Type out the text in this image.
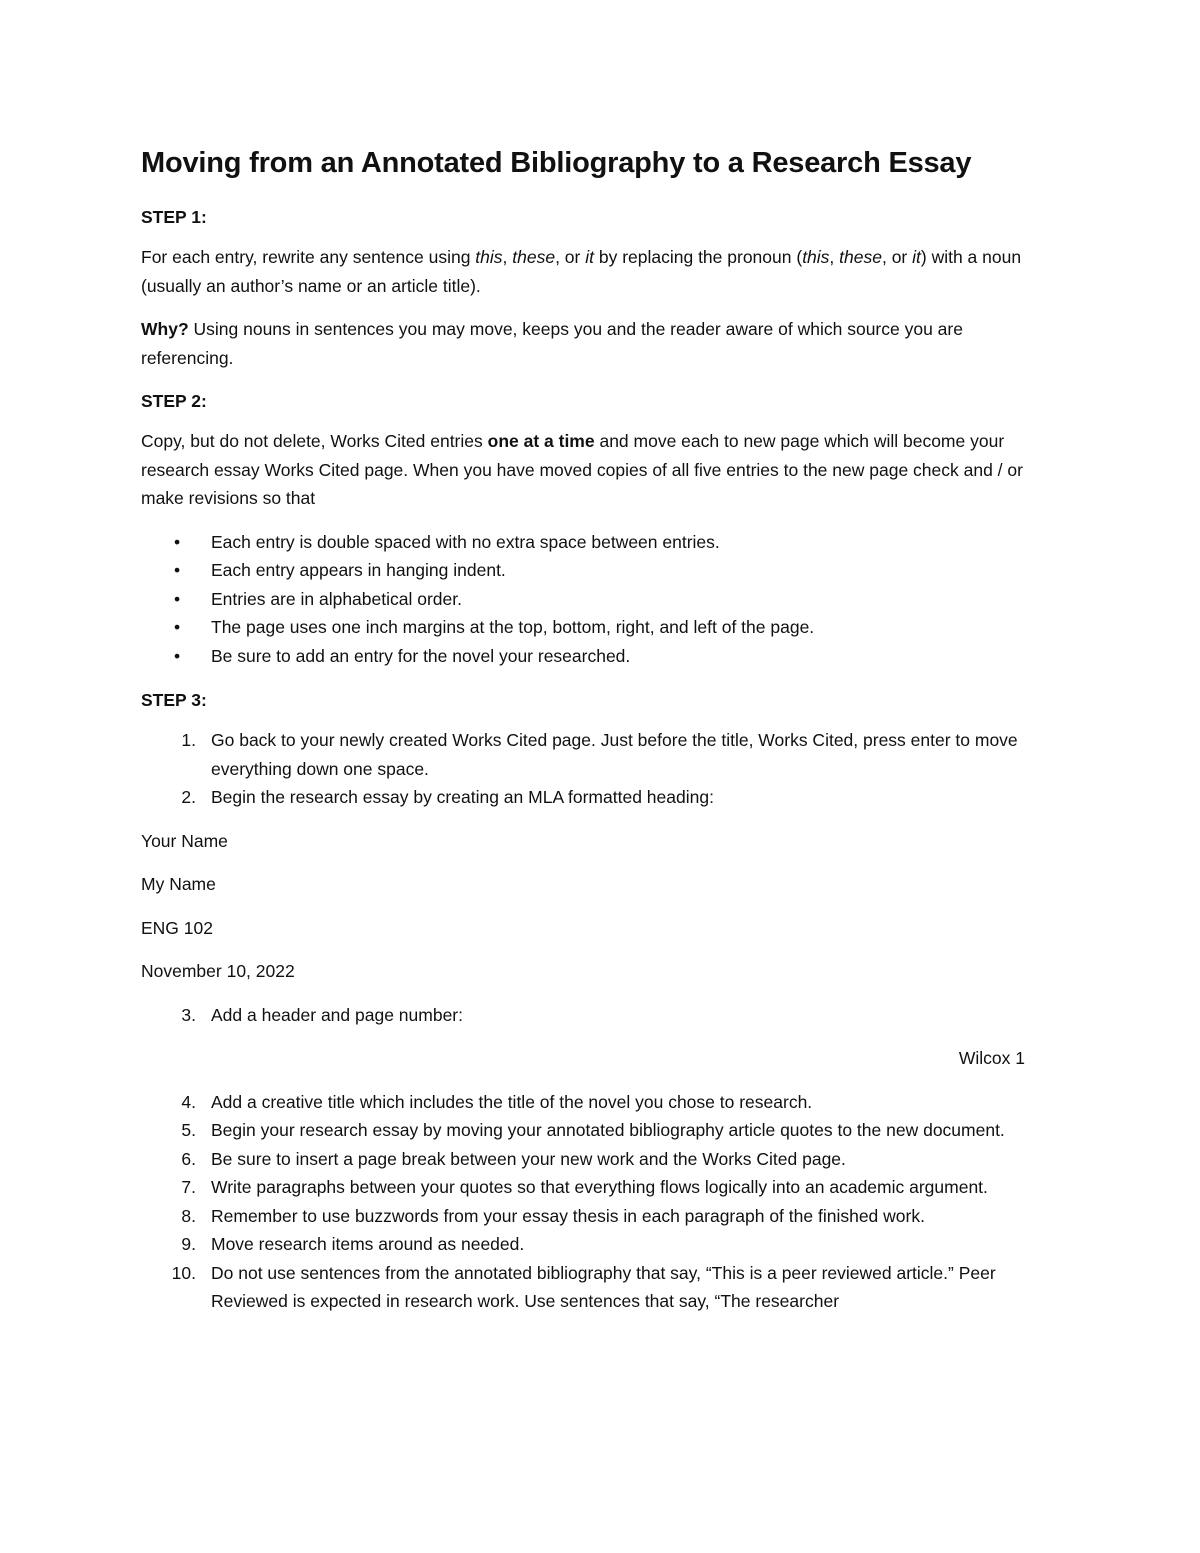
Moving from an Annotated Bibliography to a Research Essay
STEP 1:

For each entry, rewrite any sentence using this, these, or it by replacing the pronoun (this, these, or it) with a noun (usually an author’s name or an article title).

Why? Using nouns in sentences you may move, keeps you and the reader aware of which source you are referencing.

STEP 2:

Copy, but do not delete, Works Cited entries one at a time and move each to new page which will become your research essay Works Cited page. When you have moved copies of all five entries to the new page check and / or make revisions so that

• Each entry is double spaced with no extra space between entries.
• Each entry appears in hanging indent.
• Entries are in alphabetical order.
• The page uses one inch margins at the top, bottom, right, and left of the page.
• Be sure to add an entry for the novel your researched.
STEP 3:
1. Go back to your newly created Works Cited page. Just before the title, Works Cited, press enter to move everything down one space.
2. Begin the research essay by creating an MLA formatted heading:
Your Name
My Name
ENG 102
November 10, 2022
3. Add a header and page number:
Wilcox 1
4. Add a creative title which includes the title of the novel you chose to research.
5. Begin your research essay by moving your annotated bibliography article quotes to the new document.
6. Be sure to insert a page break between your new work and the Works Cited page.
7. Write paragraphs between your quotes so that everything flows logically into an academic argument.
8. Remember to use buzzwords from your essay thesis in each paragraph of the finished work.
9. Move research items around as needed.
10. Do not use sentences from the annotated bibliography that say, “This is a peer reviewed article.” Peer Reviewed is expected in research work. Use sentences that say, “The researcher
